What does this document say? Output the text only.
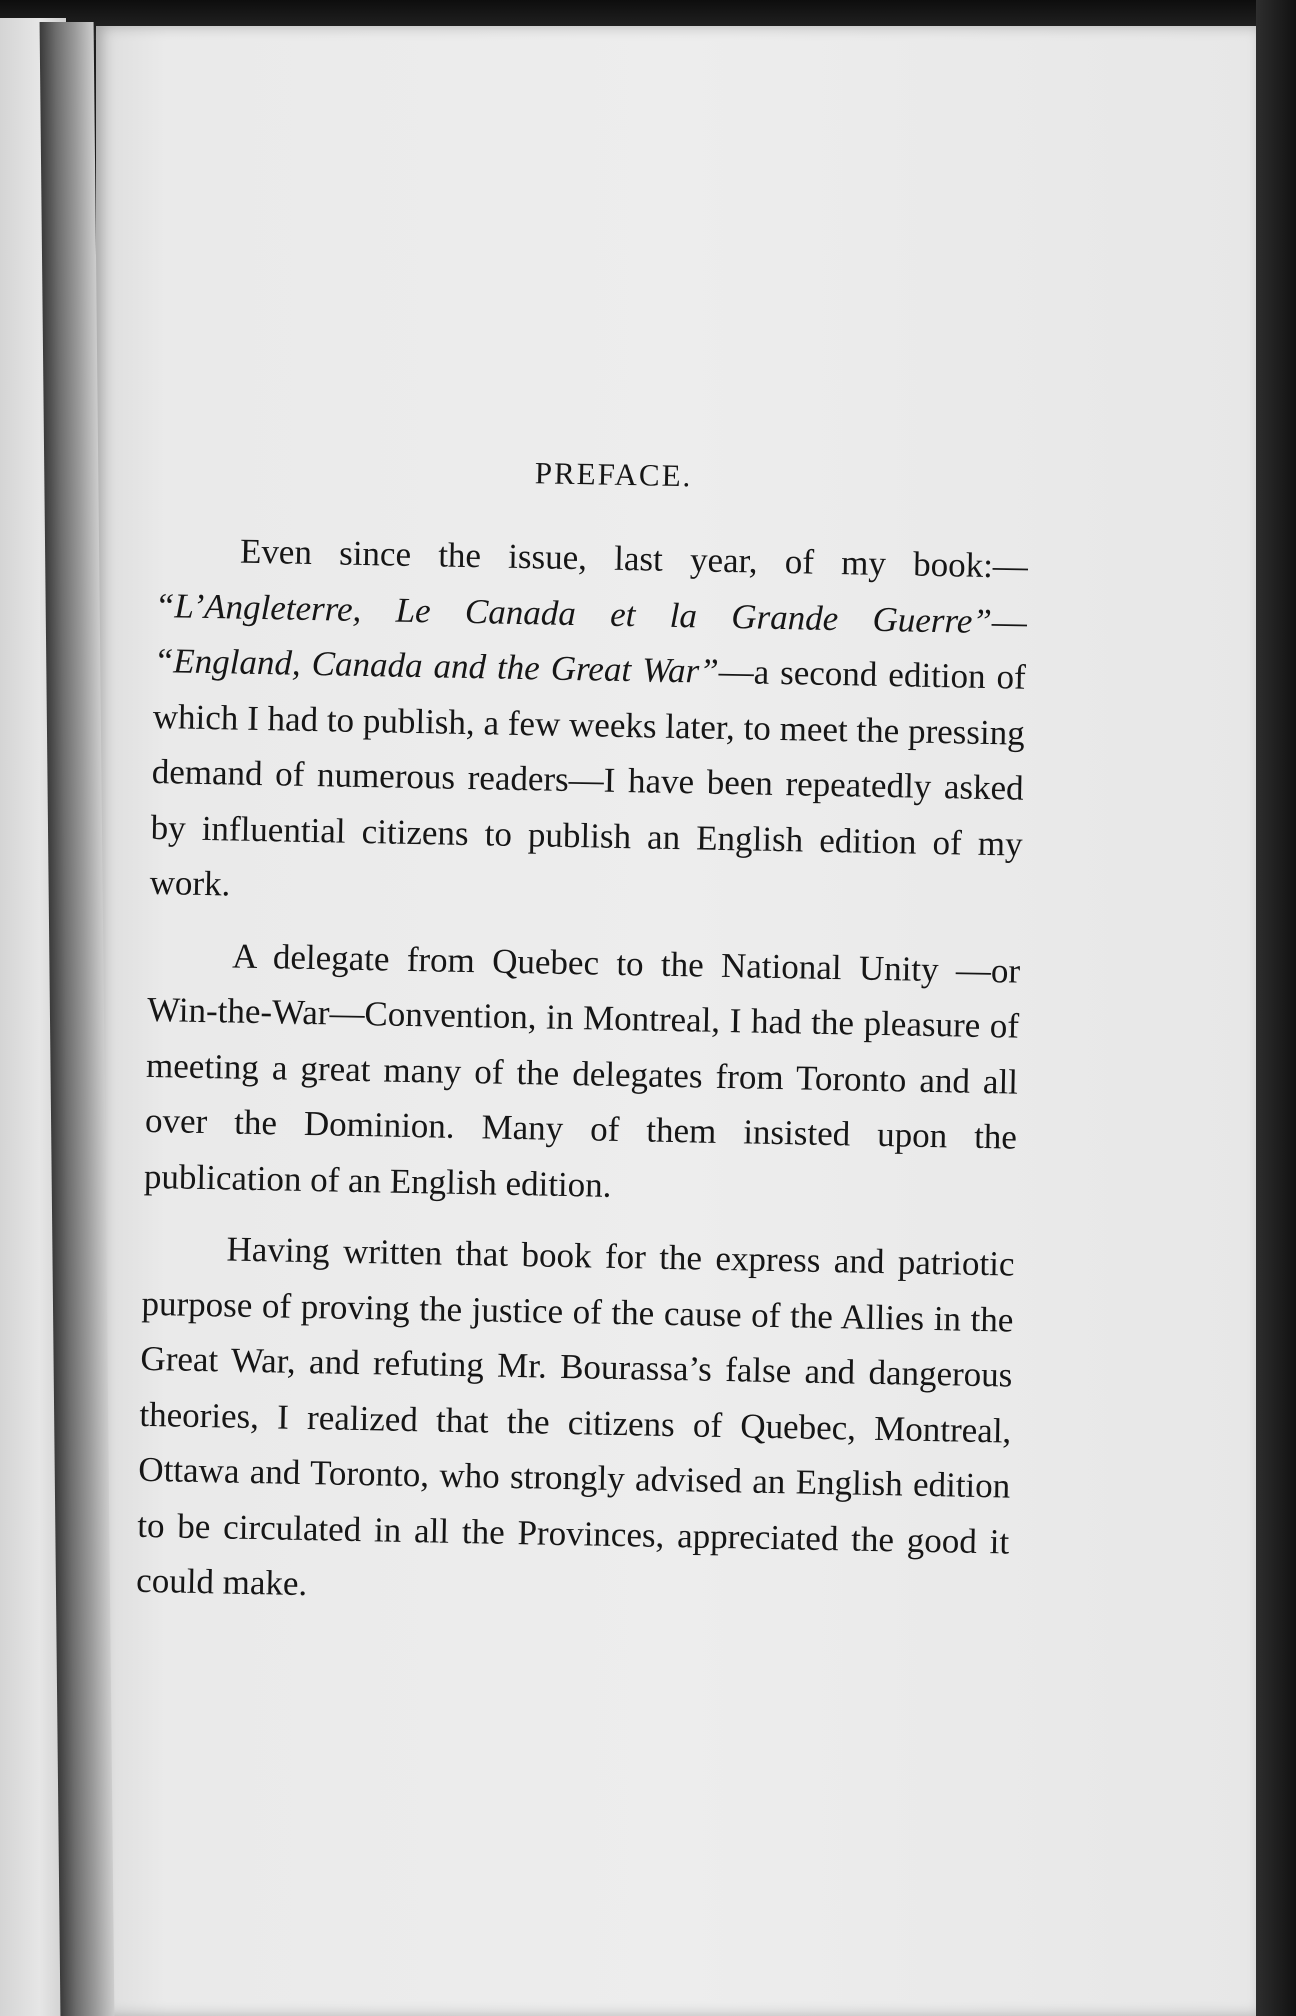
PREFACE.

Even since the issue, last year, of my book:— “L’Angleterre, Le Canada et la Grande Guerre”— “England, Canada and the Great War”—a second edition of which I had to publish, a few weeks later, to meet the pressing demand of numerous readers—I have been repeatedly asked by influential citizens to publish an English edition of my work.

A delegate from Quebec to the National Unity —or Win-the-War—Convention, in Montreal, I had the pleasure of meeting a great many of the delegates from Toronto and all over the Dominion. Many of them insisted upon the publication of an English edition.

Having written that book for the express and patriotic purpose of proving the justice of the cause of the Allies in the Great War, and refuting Mr. Bourassa’s false and dangerous theories, I realized that the citizens of Quebec, Montreal, Ottawa and Toronto, who strongly advised an English edition to be circulated in all the Provinces, appreciated the good it could make.
